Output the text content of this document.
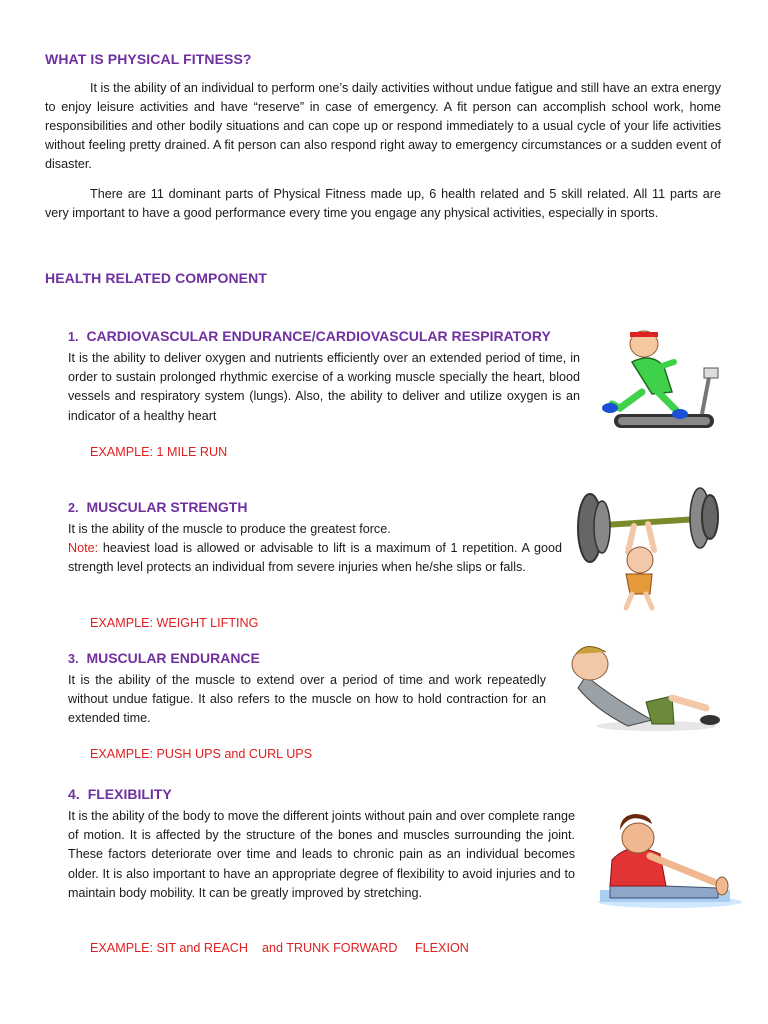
WHAT IS PHYSICAL FITNESS?

It is the ability of an individual to perform one’s daily activities without undue fatigue and still have an extra energy to enjoy leisure activities and have “reserve” in case of emergency. A fit person can accomplish school work, home responsibilities and other bodily situations and can cope up or respond immediately to a usual cycle of your life activities without feeling pretty drained. A fit person can also respond right away to emergency circumstances or a sudden event of disaster.

There are 11 dominant parts of Physical Fitness made up, 6 health related and 5 skill related. All 11 parts are very important to have a good performance every time you engage any physical activities, especially in sports.

HEALTH RELATED COMPONENT
1. CARDIOVASCULAR ENDURANCE/CARDIOVASCULAR RESPIRATORY

It is the ability to deliver oxygen and nutrients efficiently over an extended period of time, in order to sustain prolonged rhythmic exercise of a working muscle specially the heart, blood vessels and respiratory system (lungs). Also, the ability to deliver and utilize oxygen is an indicator of a healthy heart

EXAMPLE: 1 MILE RUN

2. MUSCULAR STRENGTH

It is the ability of the muscle to produce the greatest force.
Note: heaviest load is allowed or advisable to lift is a maximum of 1 repetition. A good strength level protects an individual from severe injuries when he/she slips or falls.

EXAMPLE: WEIGHT LIFTING

3. MUSCULAR ENDURANCE

It is the ability of the muscle to extend over a period of time and work repeatedly without undue fatigue. It also refers to the muscle on how to hold contraction for an extended time.

EXAMPLE: PUSH UPS and CURL UPS

4. FLEXIBILITY

It is the ability of the body to move the different joints without pain and over complete range of motion. It is affected by the structure of the bones and muscles surrounding the joint. These factors deteriorate over time and leads to chronic pain as an individual becomes older. It is also important to have an appropriate degree of flexibility to avoid injuries and to maintain body mobility. It can be greatly improved by stretching.

EXAMPLE: SIT and REACH    and TRUNK FORWARD     FLEXION
